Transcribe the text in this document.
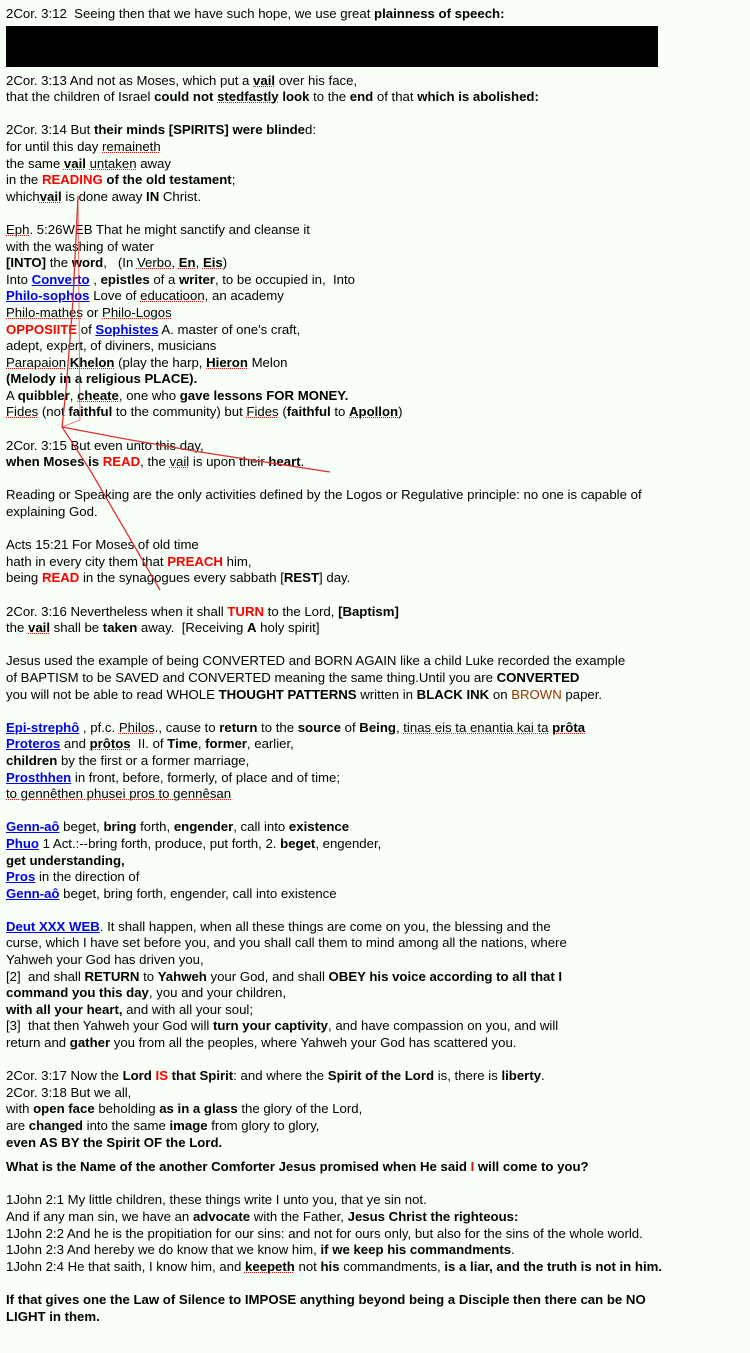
2Cor. 3:12  Seeing then that we have such hope, we use great plainness of speech:

2Cor. 3:13 And not as Moses, which put a vail over his face,

that the children of Israel could not stedfastly look to the end of that which is abolished:

2Cor. 3:14 But their minds [SPIRITS] were blinded:

for until this day remaineth

the same vail untaken away

in the READING of the old testament;

whichvail is done away IN Christ.

Eph. 5:26WEB That he might sanctify and cleanse it

with the washing of water

[INTO] the word,   (In Verbo, En, Eis)

Into Converto , epistles of a writer, to be occupied in,  Into

Philo-sophos Love of educatioon, an academy

Philo-mathes or Philo-Logos

OPPOSIITE of Sophistes A. master of one's craft,

adept, expert, of diviners, musicians

Parapaion Khelon (play the harp, Hieron Melon

(Melody in a religious PLACE).

A quibbler, cheate, one who gave lessons FOR MONEY.

Fides (not faithful to the community) but Fides (faithful to Apollon)

2Cor. 3:15 But even unto this day,

when Moses is READ, the vail is upon their heart.

Reading or Speaking are the only activities defined by the Logos or Regulative principle: no one is capable of

explaining God.

Acts 15:21 For Moses of old time

hath in every city them that PREACH him,

being READ in the synagogues every sabbath [REST] day.

2Cor. 3:16 Nevertheless when it shall TURN to the Lord, [Baptism]

the vail shall be taken away.  [Receiving A holy spirit]

Jesus used the example of being CONVERTED and BORN AGAIN like a child Luke recorded the example

of BAPTISM to be SAVED and CONVERTED meaning the same thing.Until you are CONVERTED

you will not be able to read WHOLE THOUGHT PATTERNS written in BLACK INK on BROWN paper.

Epi-strephô , pf.c. Philos., cause to return to the source of Being, tinas eis ta enantia kai ta prôta

Proteros and prôtos  II. of Time, former, earlier,

children by the first or a former marriage,

Prosthhen in front, before, formerly, of place and of time;

to gennêthen phusei pros to gennêsan

Genn-aô beget, bring forth, engender, call into existence

Phuo 1 Act.:--bring forth, produce, put forth, 2. beget, engender,

get understanding,

Pros in the direction of

Genn-aô beget, bring forth, engender, call into existence

Deut XXX WEB. It shall happen, when all these things are come on you, the blessing and the

curse, which I have set before you, and you shall call them to mind among all the nations, where

Yahweh your God has driven you,

[2]  and shall RETURN to Yahweh your God, and shall OBEY his voice according to all that I

command you this day, you and your children,

with all your heart, and with all your soul;

[3]  that then Yahweh your God will turn your captivity, and have compassion on you, and will

return and gather you from all the peoples, where Yahweh your God has scattered you.

2Cor. 3:17 Now the Lord IS that Spirit: and where the Spirit of the Lord is, there is liberty.

2Cor. 3:18 But we all,

with open face beholding as in a glass the glory of the Lord,

are changed into the same image from glory to glory,

even AS BY the Spirit OF the Lord.

What is the Name of the another Comforter Jesus promised when He said I will come to you?

1John 2:1 My little children, these things write I unto you, that ye sin not.

And if any man sin, we have an advocate with the Father, Jesus Christ the righteous:

1John 2:2 And he is the propitiation for our sins: and not for ours only, but also for the sins of the whole world.

1John 2:3 And hereby we do know that we know him, if we keep his commandments.

1John 2:4 He that saith, I know him, and keepeth not his commandments, is a liar, and the truth is not in him.

If that gives one the Law of Silence to IMPOSE anything beyond being a Disciple then there can be NO

LIGHT in them.
